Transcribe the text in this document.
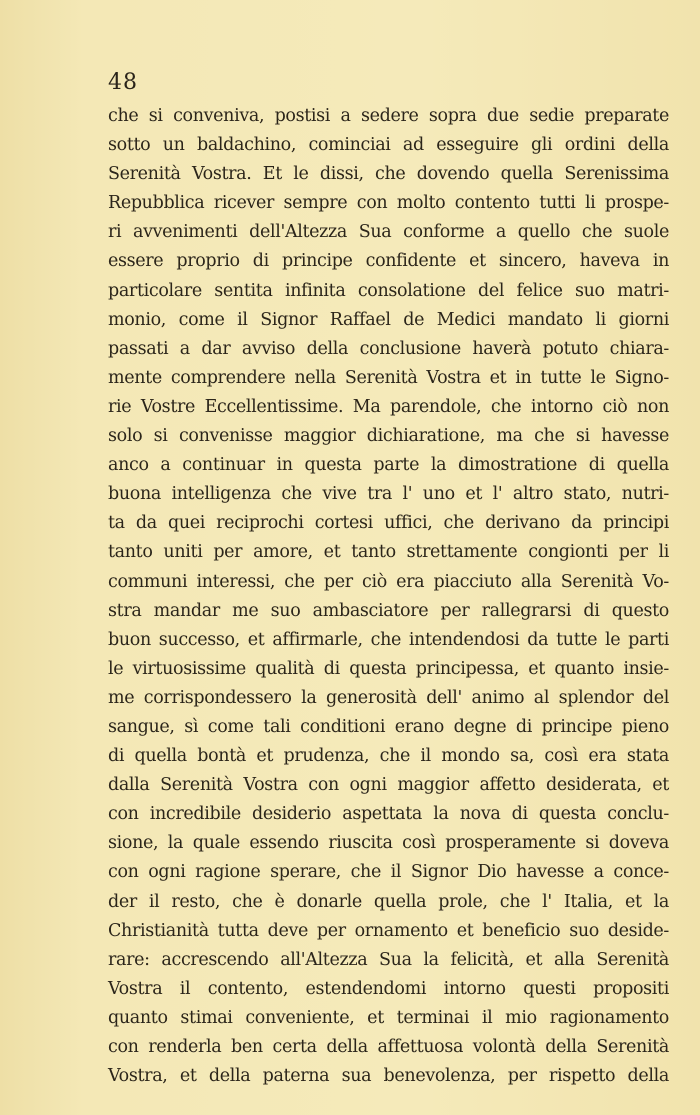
48
che si conveniva, postisi a sedere sopra due sedie preparate
sotto un baldachino, cominciai ad esseguire gli ordini della
Serenità Vostra. Et le dissi, che dovendo quella Serenissima
Repubblica ricever sempre con molto contento tutti li prospe-
ri avvenimenti dell'Altezza Sua conforme a quello che suole
essere proprio di principe confidente et sincero, haveva in
particolare sentita infinita consolatione del felice suo matri-
monio, come il Signor Raffael de Medici mandato li giorni
passati a dar avviso della conclusione haverà potuto chiara-
mente comprendere nella Serenità Vostra et in tutte le Signo-
rie Vostre Eccellentissime. Ma parendole, che intorno ciò non
solo si convenisse maggior dichiaratione, ma che si havesse
anco a continuar in questa parte la dimostratione di quella
buona intelligenza che vive tra l' uno et l' altro stato, nutri-
ta da quei reciprochi cortesi uffici, che derivano da principi
tanto uniti per amore, et tanto strettamente congionti per li
communi interessi, che per ciò era piacciuto alla Serenità Vo-
stra mandar me suo ambasciatore per rallegrarsi di questo
buon successo, et affirmarle, che intendendosi da tutte le parti
le virtuosissime qualità di questa principessa, et quanto insie-
me corrispondessero la generosità dell' animo al splendor del
sangue, sì come tali conditioni erano degne di principe pieno
di quella bontà et prudenza, che il mondo sa, così era stata
dalla Serenità Vostra con ogni maggior affetto desiderata, et
con incredibile desiderio aspettata la nova di questa conclu-
sione, la quale essendo riuscita così prosperamente si doveva
con ogni ragione sperare, che il Signor Dio havesse a conce-
der il resto, che è donarle quella prole, che l' Italia, et la
Christianità tutta deve per ornamento et beneficio suo deside-
rare: accrescendo all'Altezza Sua la felicità, et alla Serenità
Vostra il contento, estendendomi intorno questi propositi
quanto stimai conveniente, et terminai il mio ragionamento
con renderla ben certa della affettuosa volontà della Serenità
Vostra, et della paterna sua benevolenza, per rispetto della
